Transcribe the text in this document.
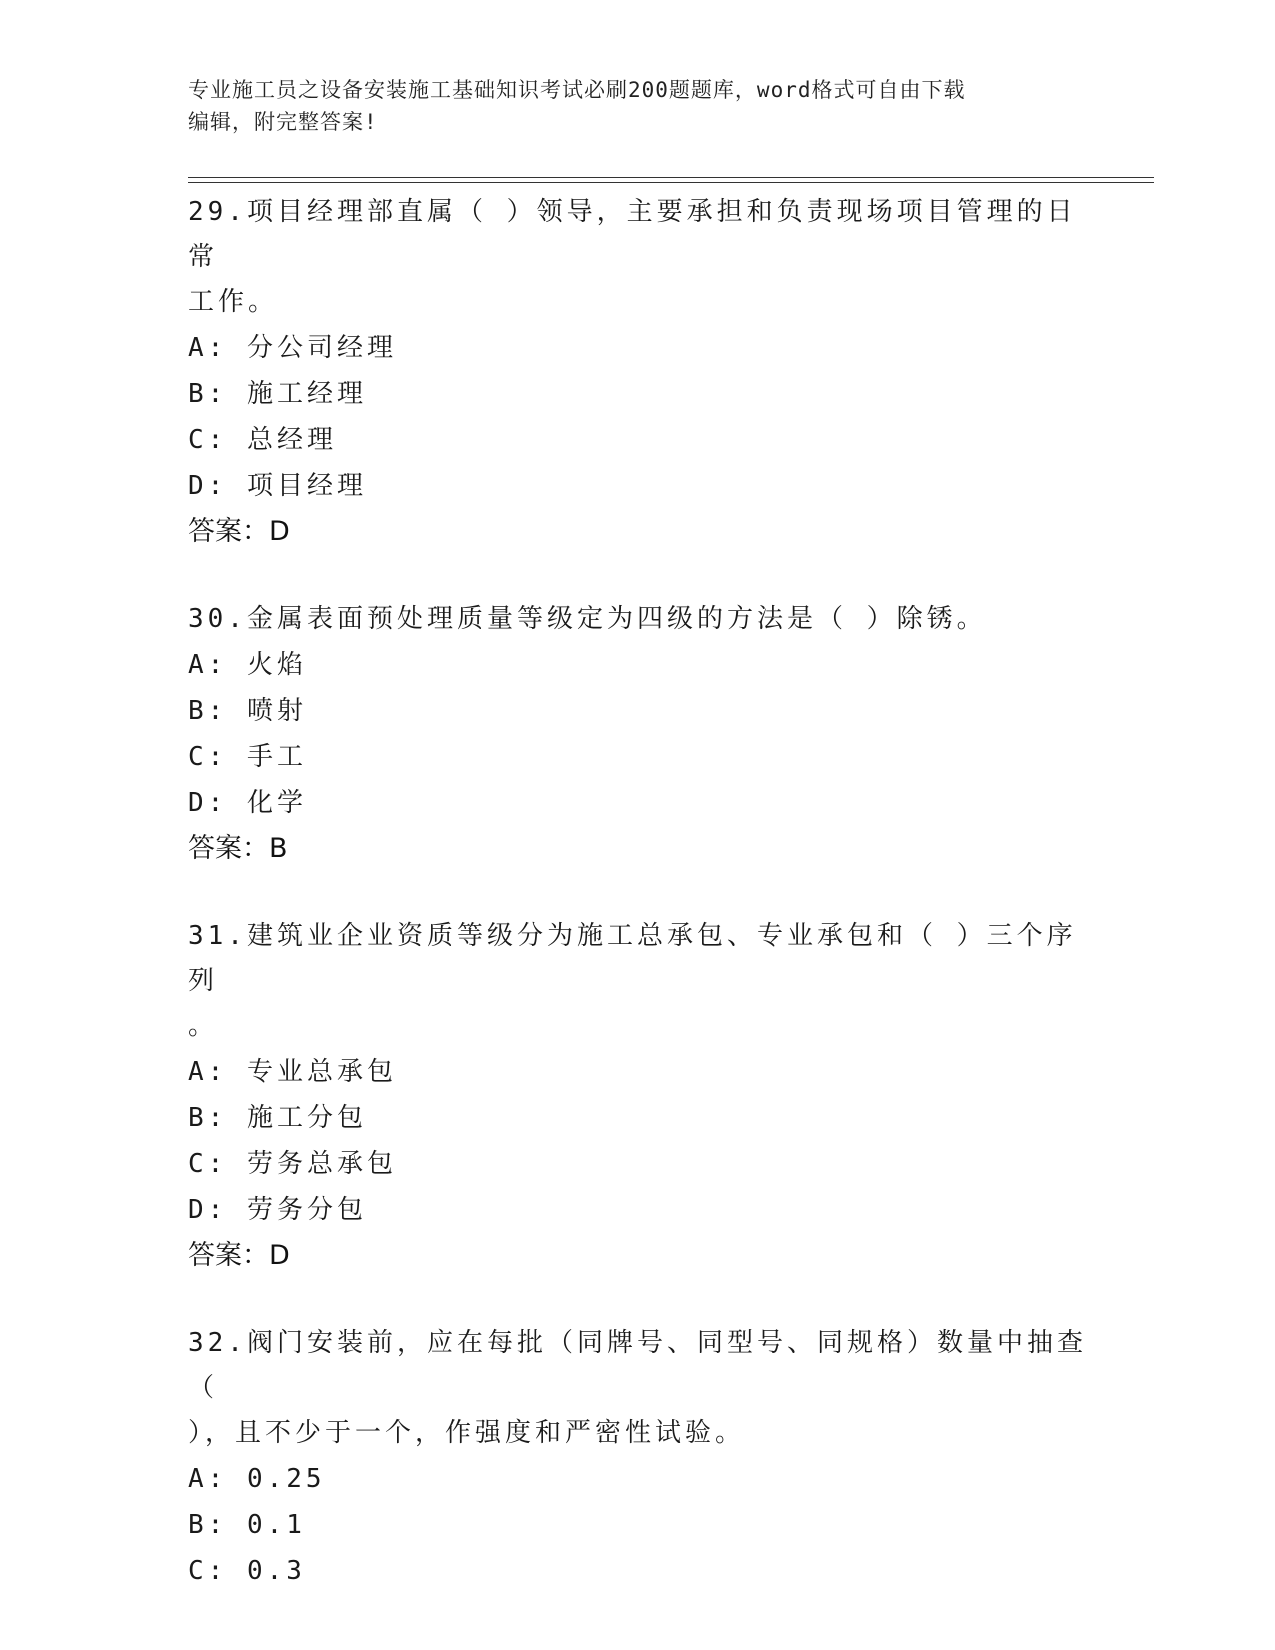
专业施工员之设备安装施工基础知识考试必刷200题题库，word格式可自由下载
编辑，附完整答案!
29.项目经理部直属（ ）领导，主要承担和负责现场项目管理的日常
工作。
A: 分公司经理
B: 施工经理
C: 总经理
D: 项目经理
答案：D
30.金属表面预处理质量等级定为四级的方法是（ ）除锈。
A: 火焰
B: 喷射
C: 手工
D: 化学
答案：B
31.建筑业企业资质等级分为施工总承包、专业承包和（ ）三个序列
。
A: 专业总承包
B: 施工分包
C: 劳务总承包
D: 劳务分包
答案：D
32.阀门安装前，应在每批（同牌号、同型号、同规格）数量中抽查（
），且不少于一个，作强度和严密性试验。
A: 0.25
B: 0.1
C: 0.3
